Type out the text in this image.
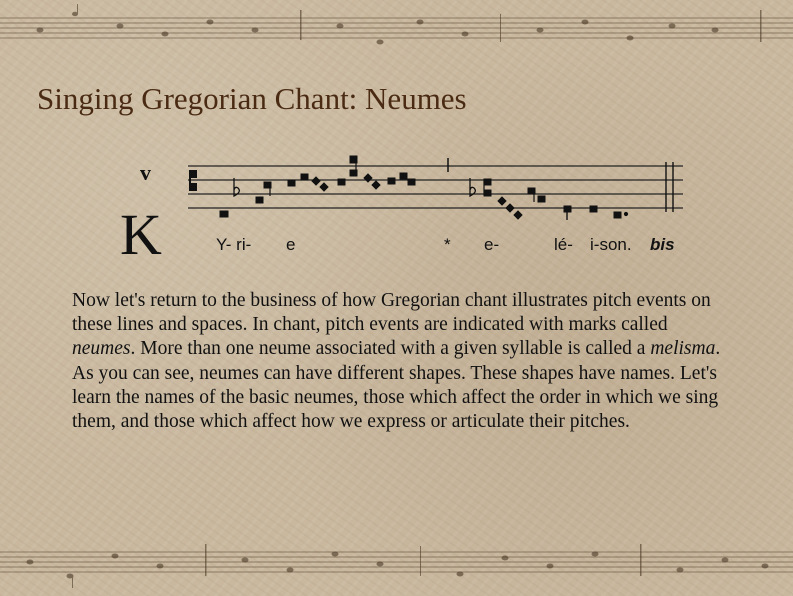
Singing Gregorian Chant: Neumes
v
K	Y- ri- e	* e-	lé- i-son. bis

Now let's return to the business of how Gregorian chant illustrates pitch events on these lines and spaces. In chant, pitch events are indicated with marks called neumes. More than one neume associated with a given syllable is called a melisma. As you can see, neumes can have different shapes. These shapes have names. Let's learn the names of the basic neumes, those which affect the order in which we sing them, and those which affect how we express or articulate their pitches.
